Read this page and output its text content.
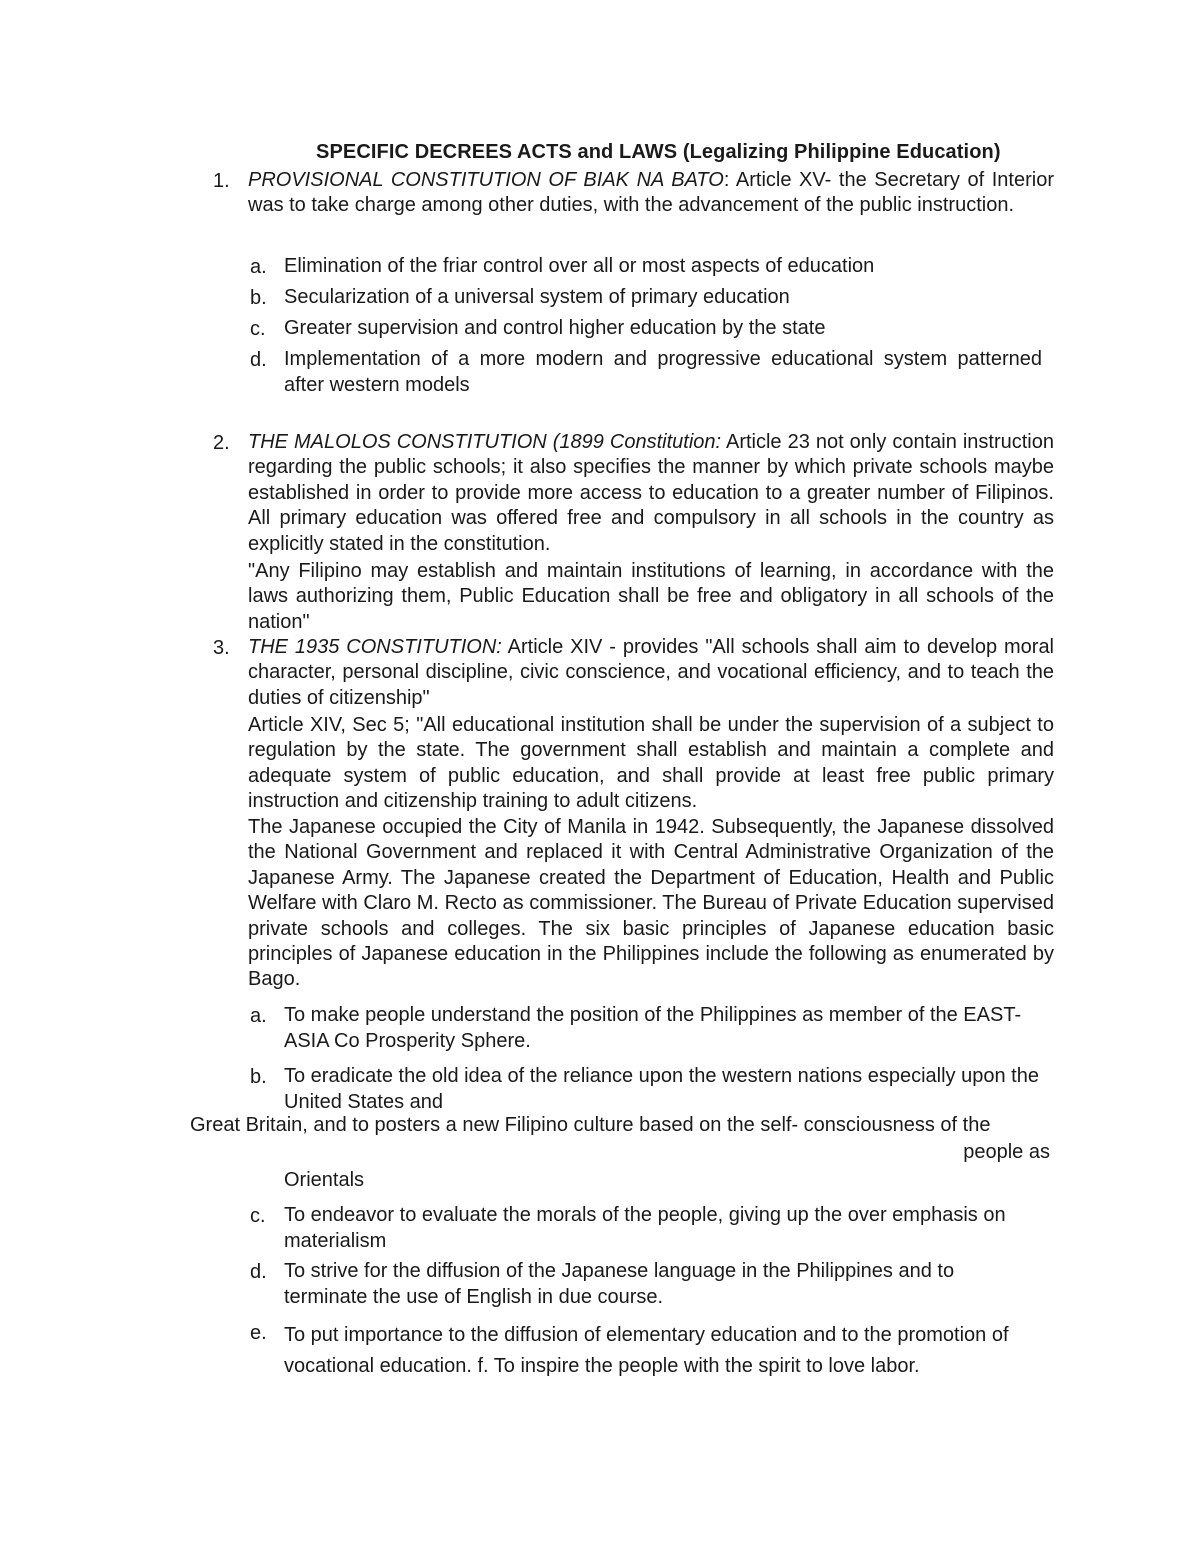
SPECIFIC DECREES ACTS and LAWS (Legalizing Philippine Education)
1. PROVISIONAL CONSTITUTION OF BIAK NA BATO: Article XV- the Secretary of Interior was to take charge among other duties, with the advancement of the public instruction.
a. Elimination of the friar control over all or most aspects of education
b. Secularization of a universal system of primary education
c. Greater supervision and control higher education by the state
d. Implementation of a more modern and progressive educational system patterned after western models
2. THE MALOLOS CONSTITUTION (1899 Constitution: Article 23 not only contain instruction regarding the public schools; it also specifies the manner by which private schools maybe established in order to provide more access to education to a greater number of Filipinos. All primary education was offered free and compulsory in all schools in the country as explicitly stated in the constitution.
"Any Filipino may establish and maintain institutions of learning, in accordance with the laws authorizing them, Public Education shall be free and obligatory in all schools of the nation"
3. THE 1935 CONSTITUTION: Article XIV - provides "All schools shall aim to develop moral character, personal discipline, civic conscience, and vocational efficiency, and to teach the duties of citizenship"
Article XIV, Sec 5; "All educational institution shall be under the supervision of a subject to regulation by the state. The government shall establish and maintain a complete and adequate system of public education, and shall provide at least free public primary instruction and citizenship training to adult citizens.
The Japanese occupied the City of Manila in 1942. Subsequently, the Japanese dissolved the National Government and replaced it with Central Administrative Organization of the Japanese Army. The Japanese created the Department of Education, Health and Public Welfare with Claro M. Recto as commissioner. The Bureau of Private Education supervised private schools and colleges. The six basic principles of Japanese education basic principles of Japanese education in the Philippines include the following as enumerated by Bago.
a. To make people understand the position of the Philippines as member of the EAST-ASIA Co Prosperity Sphere.
b. To eradicate the old idea of the reliance upon the western nations especially upon the United States and
Great Britain, and to posters a new Filipino culture based on the self- consciousness of the
people as
Orientals
c. To endeavor to evaluate the morals of the people, giving up the over emphasis on materialism
d. To strive for the diffusion of the Japanese language in the Philippines and to terminate the use of English in due course.
e. To put importance to the diffusion of elementary education and to the promotion of vocational education. f. To inspire the people with the spirit to love labor.
